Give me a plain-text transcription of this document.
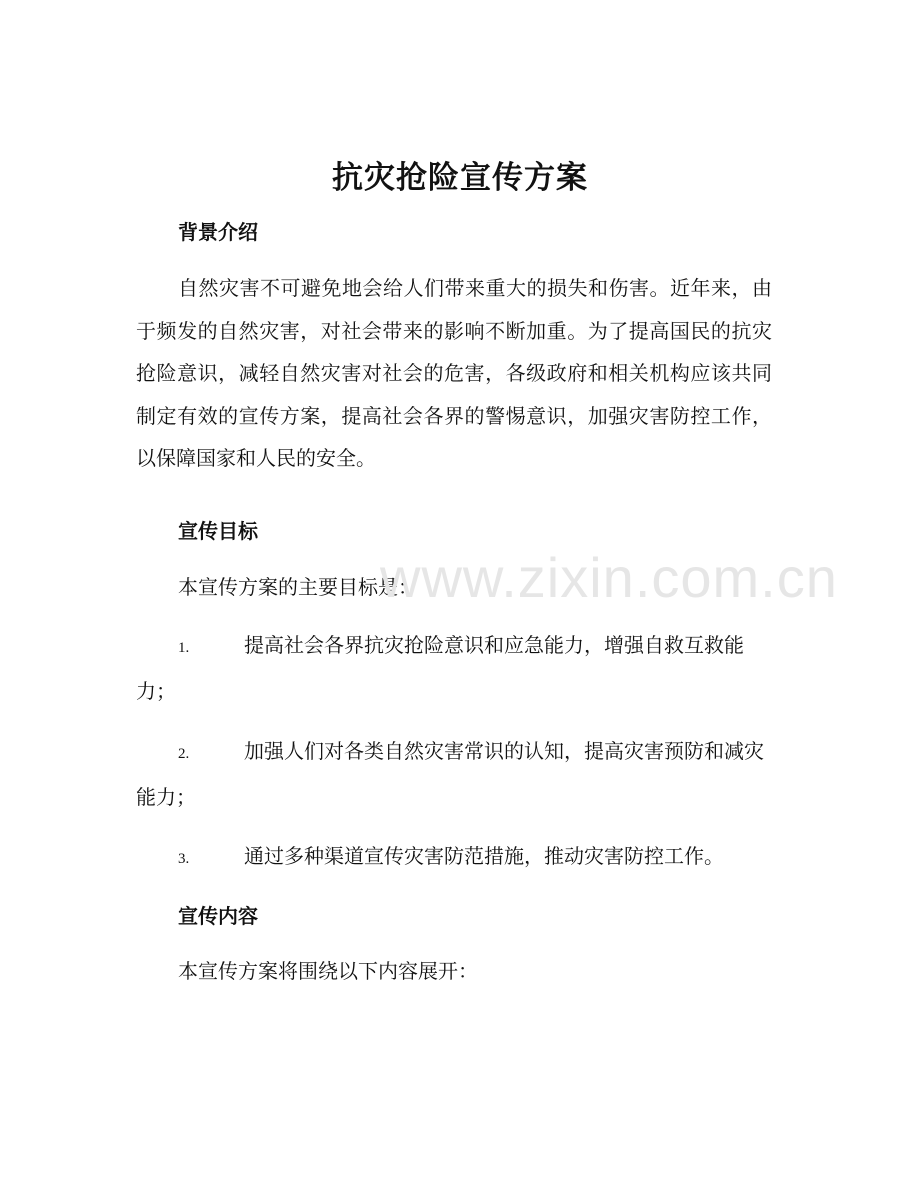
抗灾抢险宣传方案
背景介绍

自然灾害不可避免地会给人们带来重大的损失和伤害。近年来，由于频发的自然灾害，对社会带来的影响不断加重。为了提高国民的抗灾抢险意识，减轻自然灾害对社会的危害，各级政府和相关机构应该共同制定有效的宣传方案，提高社会各界的警惕意识，加强灾害防控工作，以保障国家和人民的安全。

宣传目标

本宣传方案的主要目标是：

1.	提高社会各界抗灾抢险意识和应急能力，增强自救互救能力；
2.	加强人们对各类自然灾害常识的认知，提高灾害预防和减灾能力；
3.	通过多种渠道宣传灾害防范措施，推动灾害防控工作。
宣传内容

本宣传方案将围绕以下内容展开：

www.zixin.com.cn
